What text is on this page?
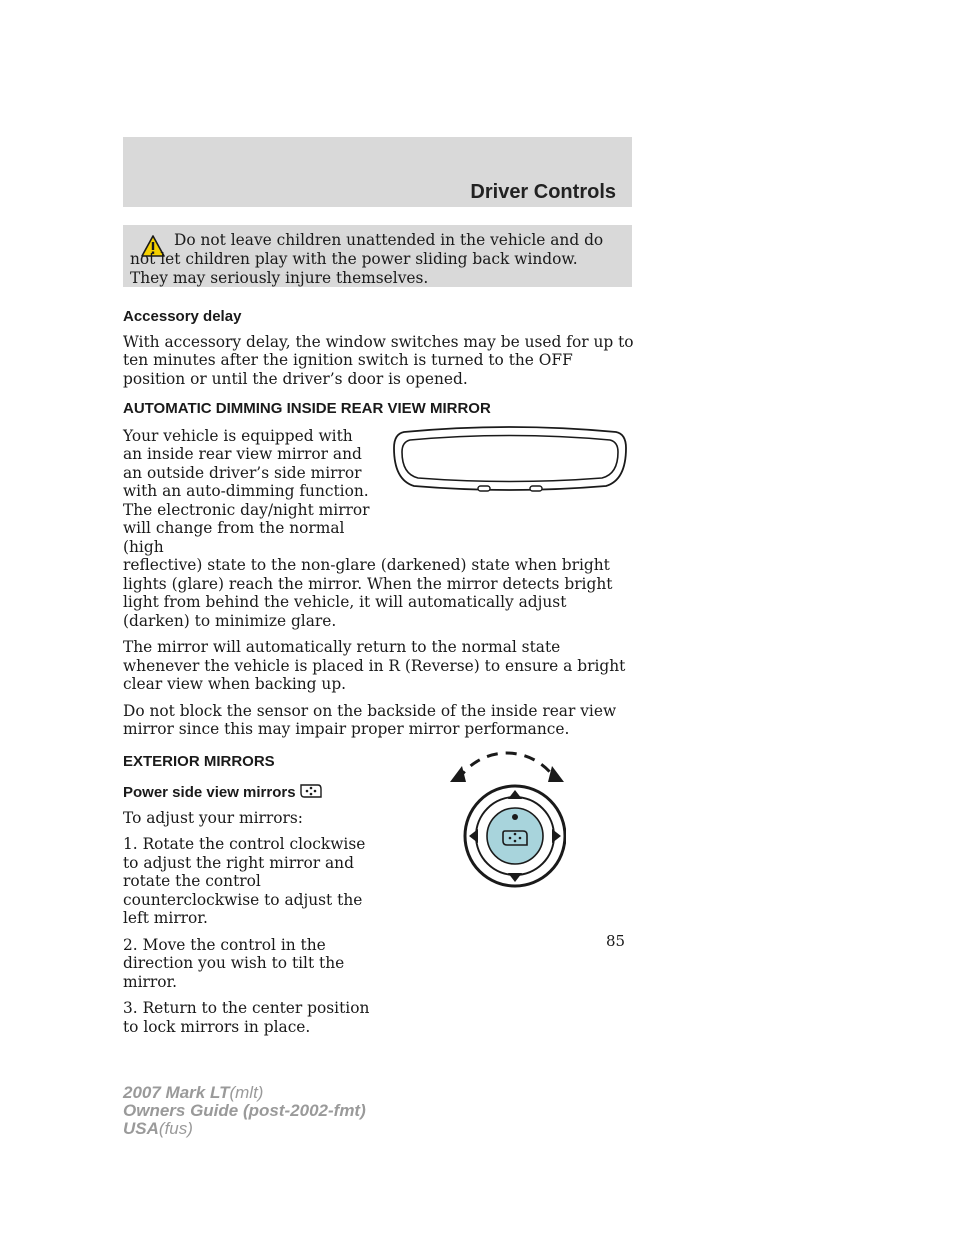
Driver Controls
Do not leave children unattended in the vehicle and do not let children play with the power sliding back window. They may seriously injure themselves.
Accessory delay

With accessory delay, the window switches may be used for up to ten minutes after the ignition switch is turned to the OFF position or until the driver’s door is opened.

AUTOMATIC DIMMING INSIDE REAR VIEW MIRROR

Your vehicle is equipped with an inside rear view mirror and an outside driver’s side mirror with an auto-dimming function. The electronic day/night mirror will change from the normal (high

reflective) state to the non-glare (darkened) state when bright lights (glare) reach the mirror. When the mirror detects bright light from behind the vehicle, it will automatically adjust (darken) to minimize glare.

The mirror will automatically return to the normal state whenever the vehicle is placed in R (Reverse) to ensure a bright clear view when backing up.

Do not block the sensor on the backside of the inside rear view mirror since this may impair proper mirror performance.

EXTERIOR MIRRORS
Power side view mirrors

To adjust your mirrors:

1. Rotate the control clockwise to adjust the right mirror and rotate the control counterclockwise to adjust the left mirror.

2. Move the control in the direction you wish to tilt the mirror.

3. Return to the center position to lock mirrors in place.

85
2007 Mark LT(mlt)
Owners Guide (post-2002-fmt)
USA(fus)
